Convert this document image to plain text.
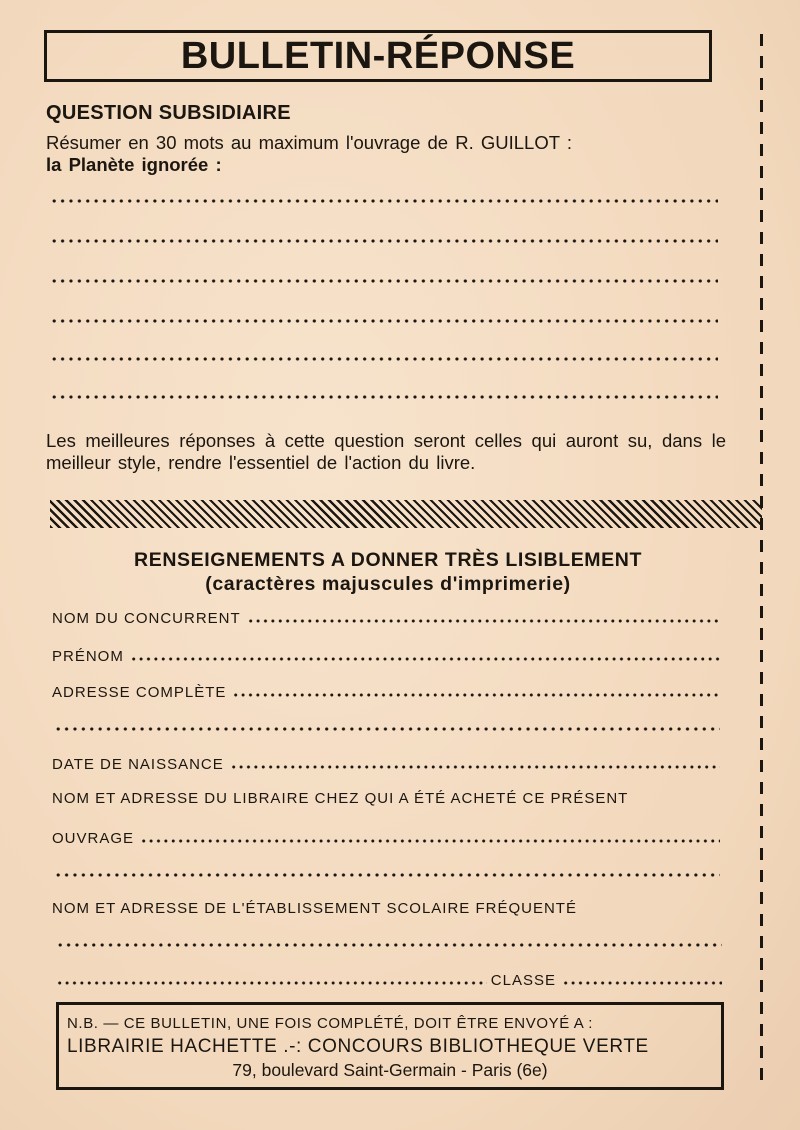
BULLETIN-RÉPONSE
QUESTION SUBSIDIAIRE
Résumer en 30 mots au maximum l'ouvrage de R. GUILLOT :
la Planète ignorée :
Les meilleures réponses à cette question seront celles qui auront su, dans le meilleur style, rendre l'essentiel de l'action du livre.
RENSEIGNEMENTS A DONNER TRÈS LISIBLEMENT
(caractères majuscules d'imprimerie)
NOM DU CONCURRENT
PRÉNOM
ADRESSE COMPLÈTE
DATE DE NAISSANCE
NOM ET ADRESSE DU LIBRAIRE CHEZ QUI A ÉTÉ ACHETÉ CE PRÉSENT
OUVRAGE
NOM ET ADRESSE DE L'ÉTABLISSEMENT SCOLAIRE FRÉQUENTÉ
CLASSE
N.B. — CE BULLETIN, UNE FOIS COMPLÉTÉ, DOIT ÊTRE ENVOYÉ A :
LIBRAIRIE HACHETTE .-: CONCOURS BIBLIOTHEQUE VERTE
79, boulevard Saint-Germain - Paris (6e)
